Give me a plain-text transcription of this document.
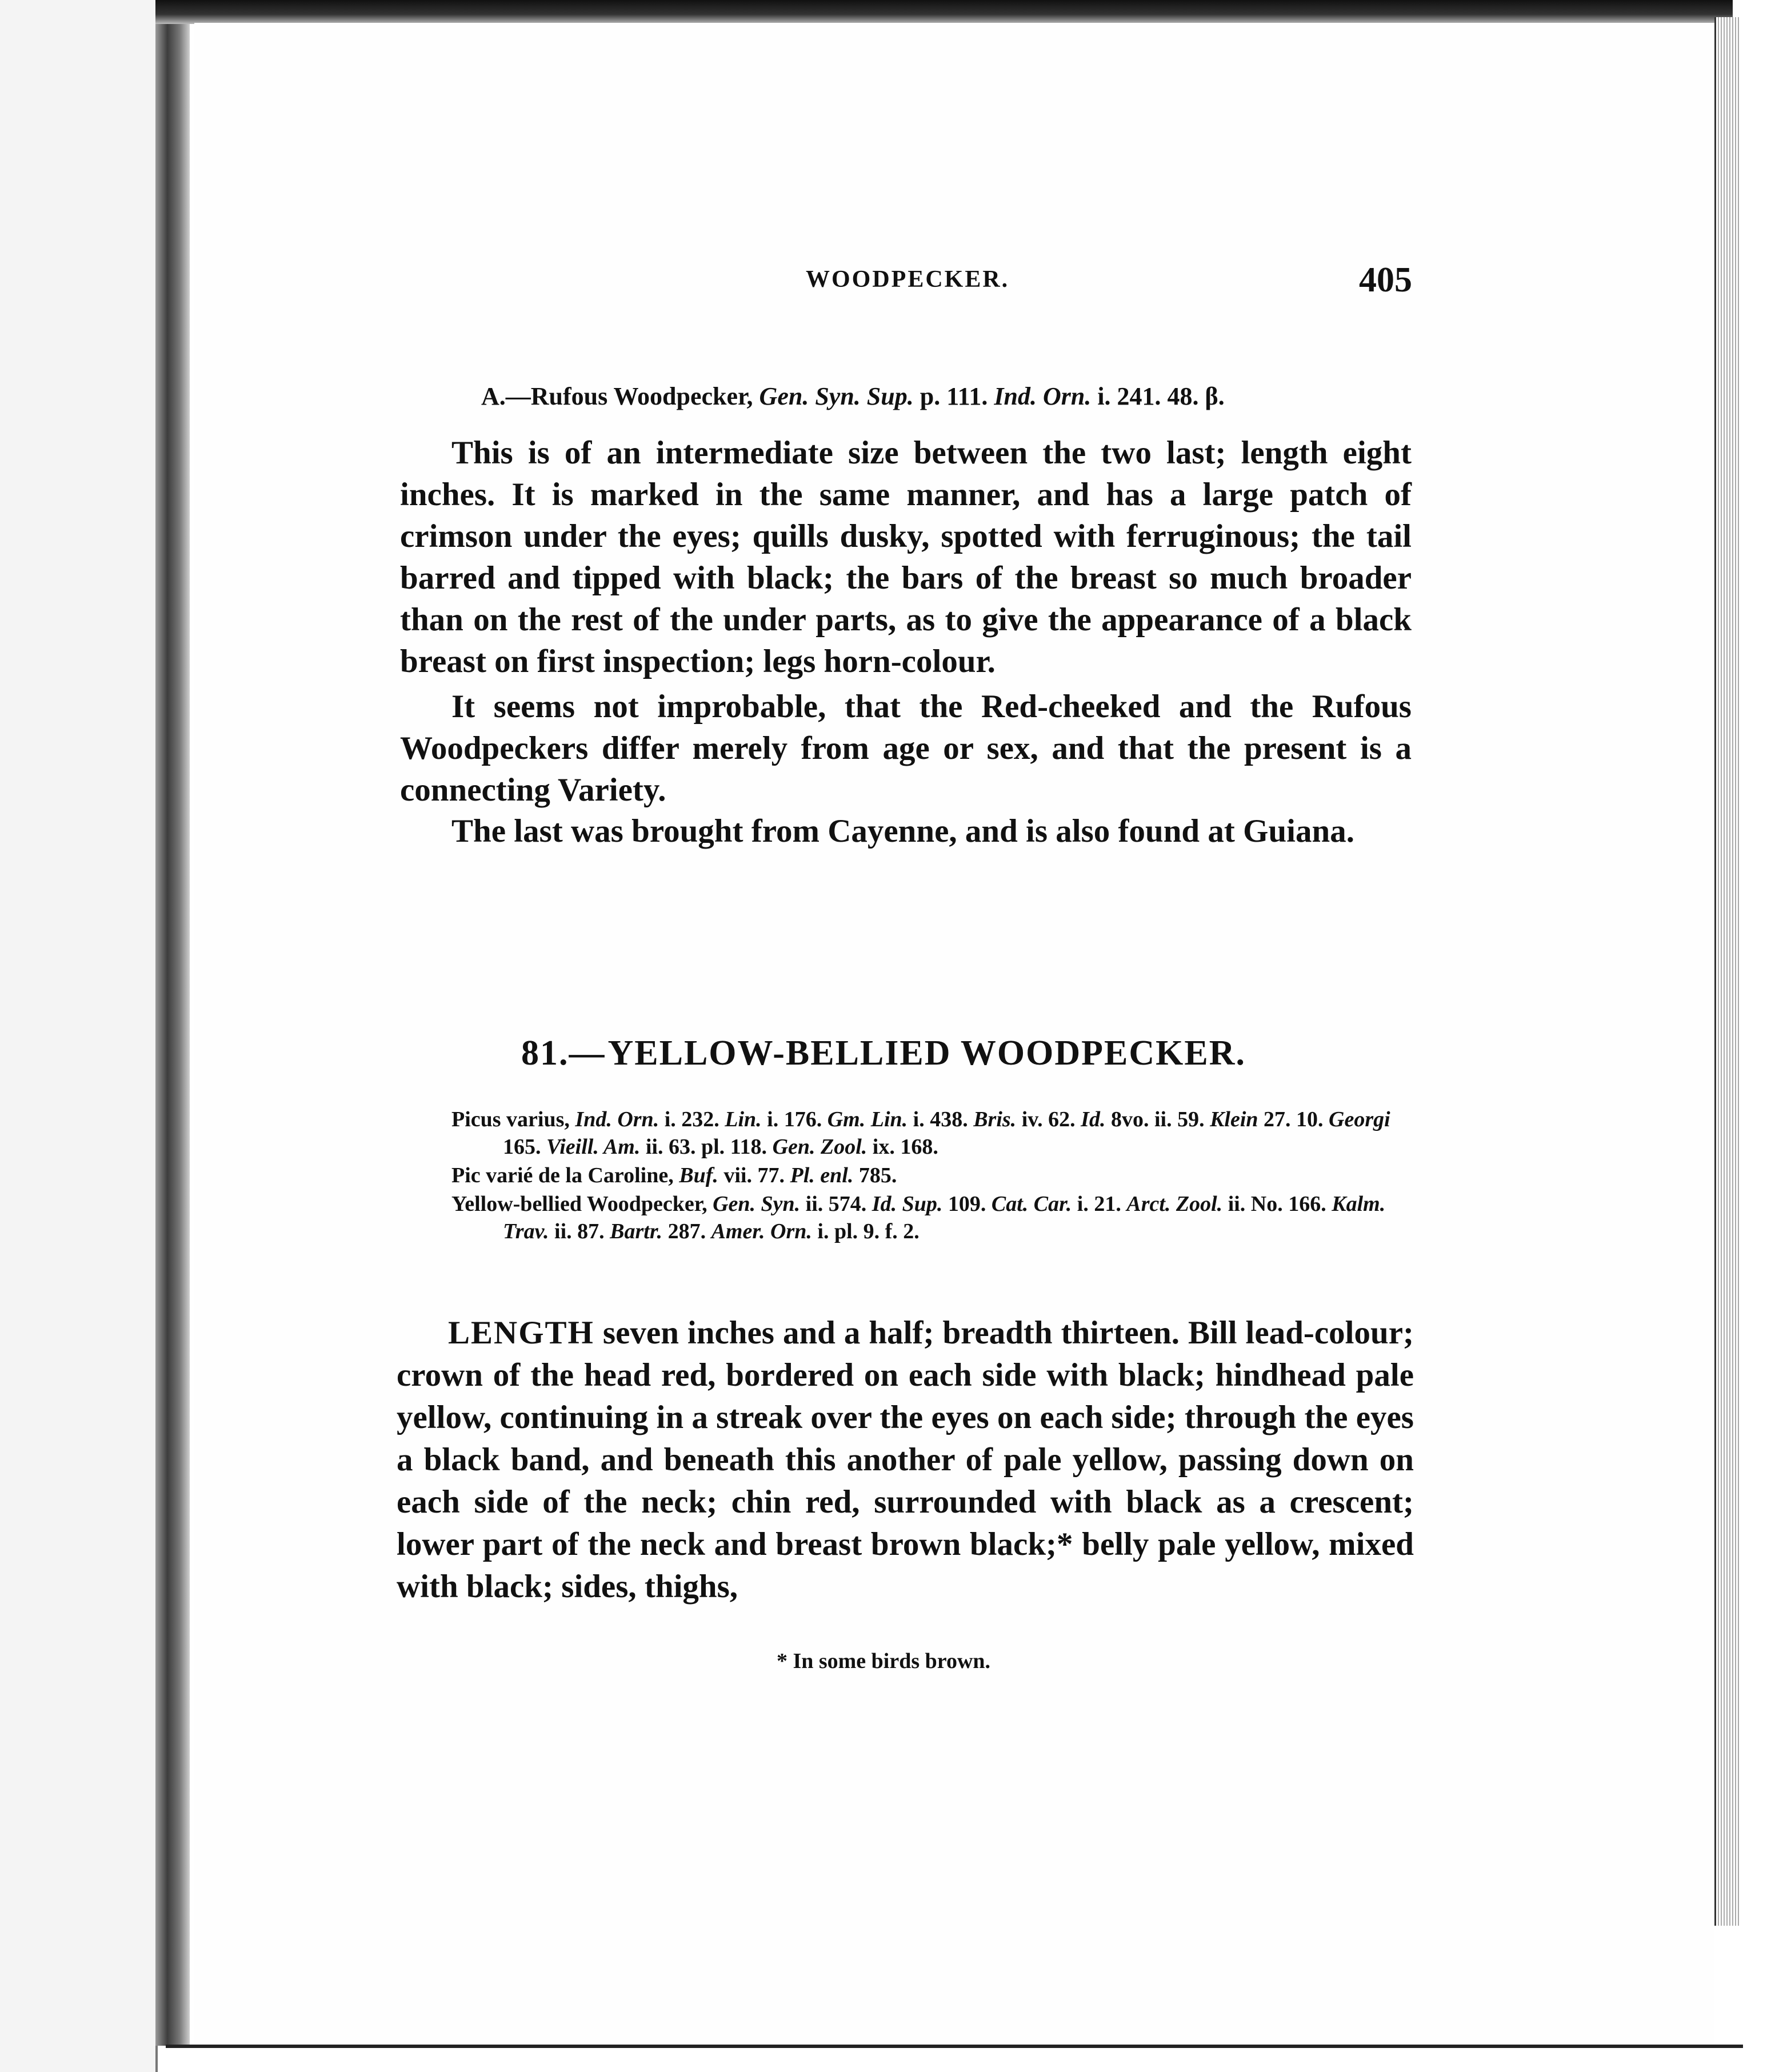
WOODPECKER.	405
A.—Rufous Woodpecker, Gen. Syn. Sup. p. 111. Ind. Orn. i. 241. 48. β.

This is of an intermediate size between the two last; length eight inches. It is marked in the same manner, and has a large patch of crimson under the eyes; quills dusky, spotted with ferruginous; the tail barred and tipped with black; the bars of the breast so much broader than on the rest of the under parts, as to give the appearance of a black breast on first inspection; legs horn-colour.

It seems not improbable, that the Red-cheeked and the Rufous Woodpeckers differ merely from age or sex, and that the present is a connecting Variety.

The last was brought from Cayenne, and is also found at Guiana.

81.—YELLOW-BELLIED WOODPECKER.
Picus varius, Ind. Orn. i. 232. Lin. i. 176. Gm. Lin. i. 438. Bris. iv. 62. Id. 8vo. ii. 59. Klein 27. 10. Georgi 165. Vieill. Am. ii. 63. pl. 118. Gen. Zool. ix. 168.
Pic varié de la Caroline, Buf. vii. 77. Pl. enl. 785.
Yellow-bellied Woodpecker, Gen. Syn. ii. 574. Id. Sup. 109. Cat. Car. i. 21. Arct. Zool. ii. No. 166. Kalm. Trav. ii. 87. Bartr. 287. Amer. Orn. i. pl. 9. f. 2.

LENGTH seven inches and a half; breadth thirteen. Bill lead-colour; crown of the head red, bordered on each side with black; hindhead pale yellow, continuing in a streak over the eyes on each side; through the eyes a black band, and beneath this another of pale yellow, passing down on each side of the neck; chin red, surrounded with black as a crescent; lower part of the neck and breast brown black;* belly pale yellow, mixed with black; sides, thighs,

* In some birds brown.
